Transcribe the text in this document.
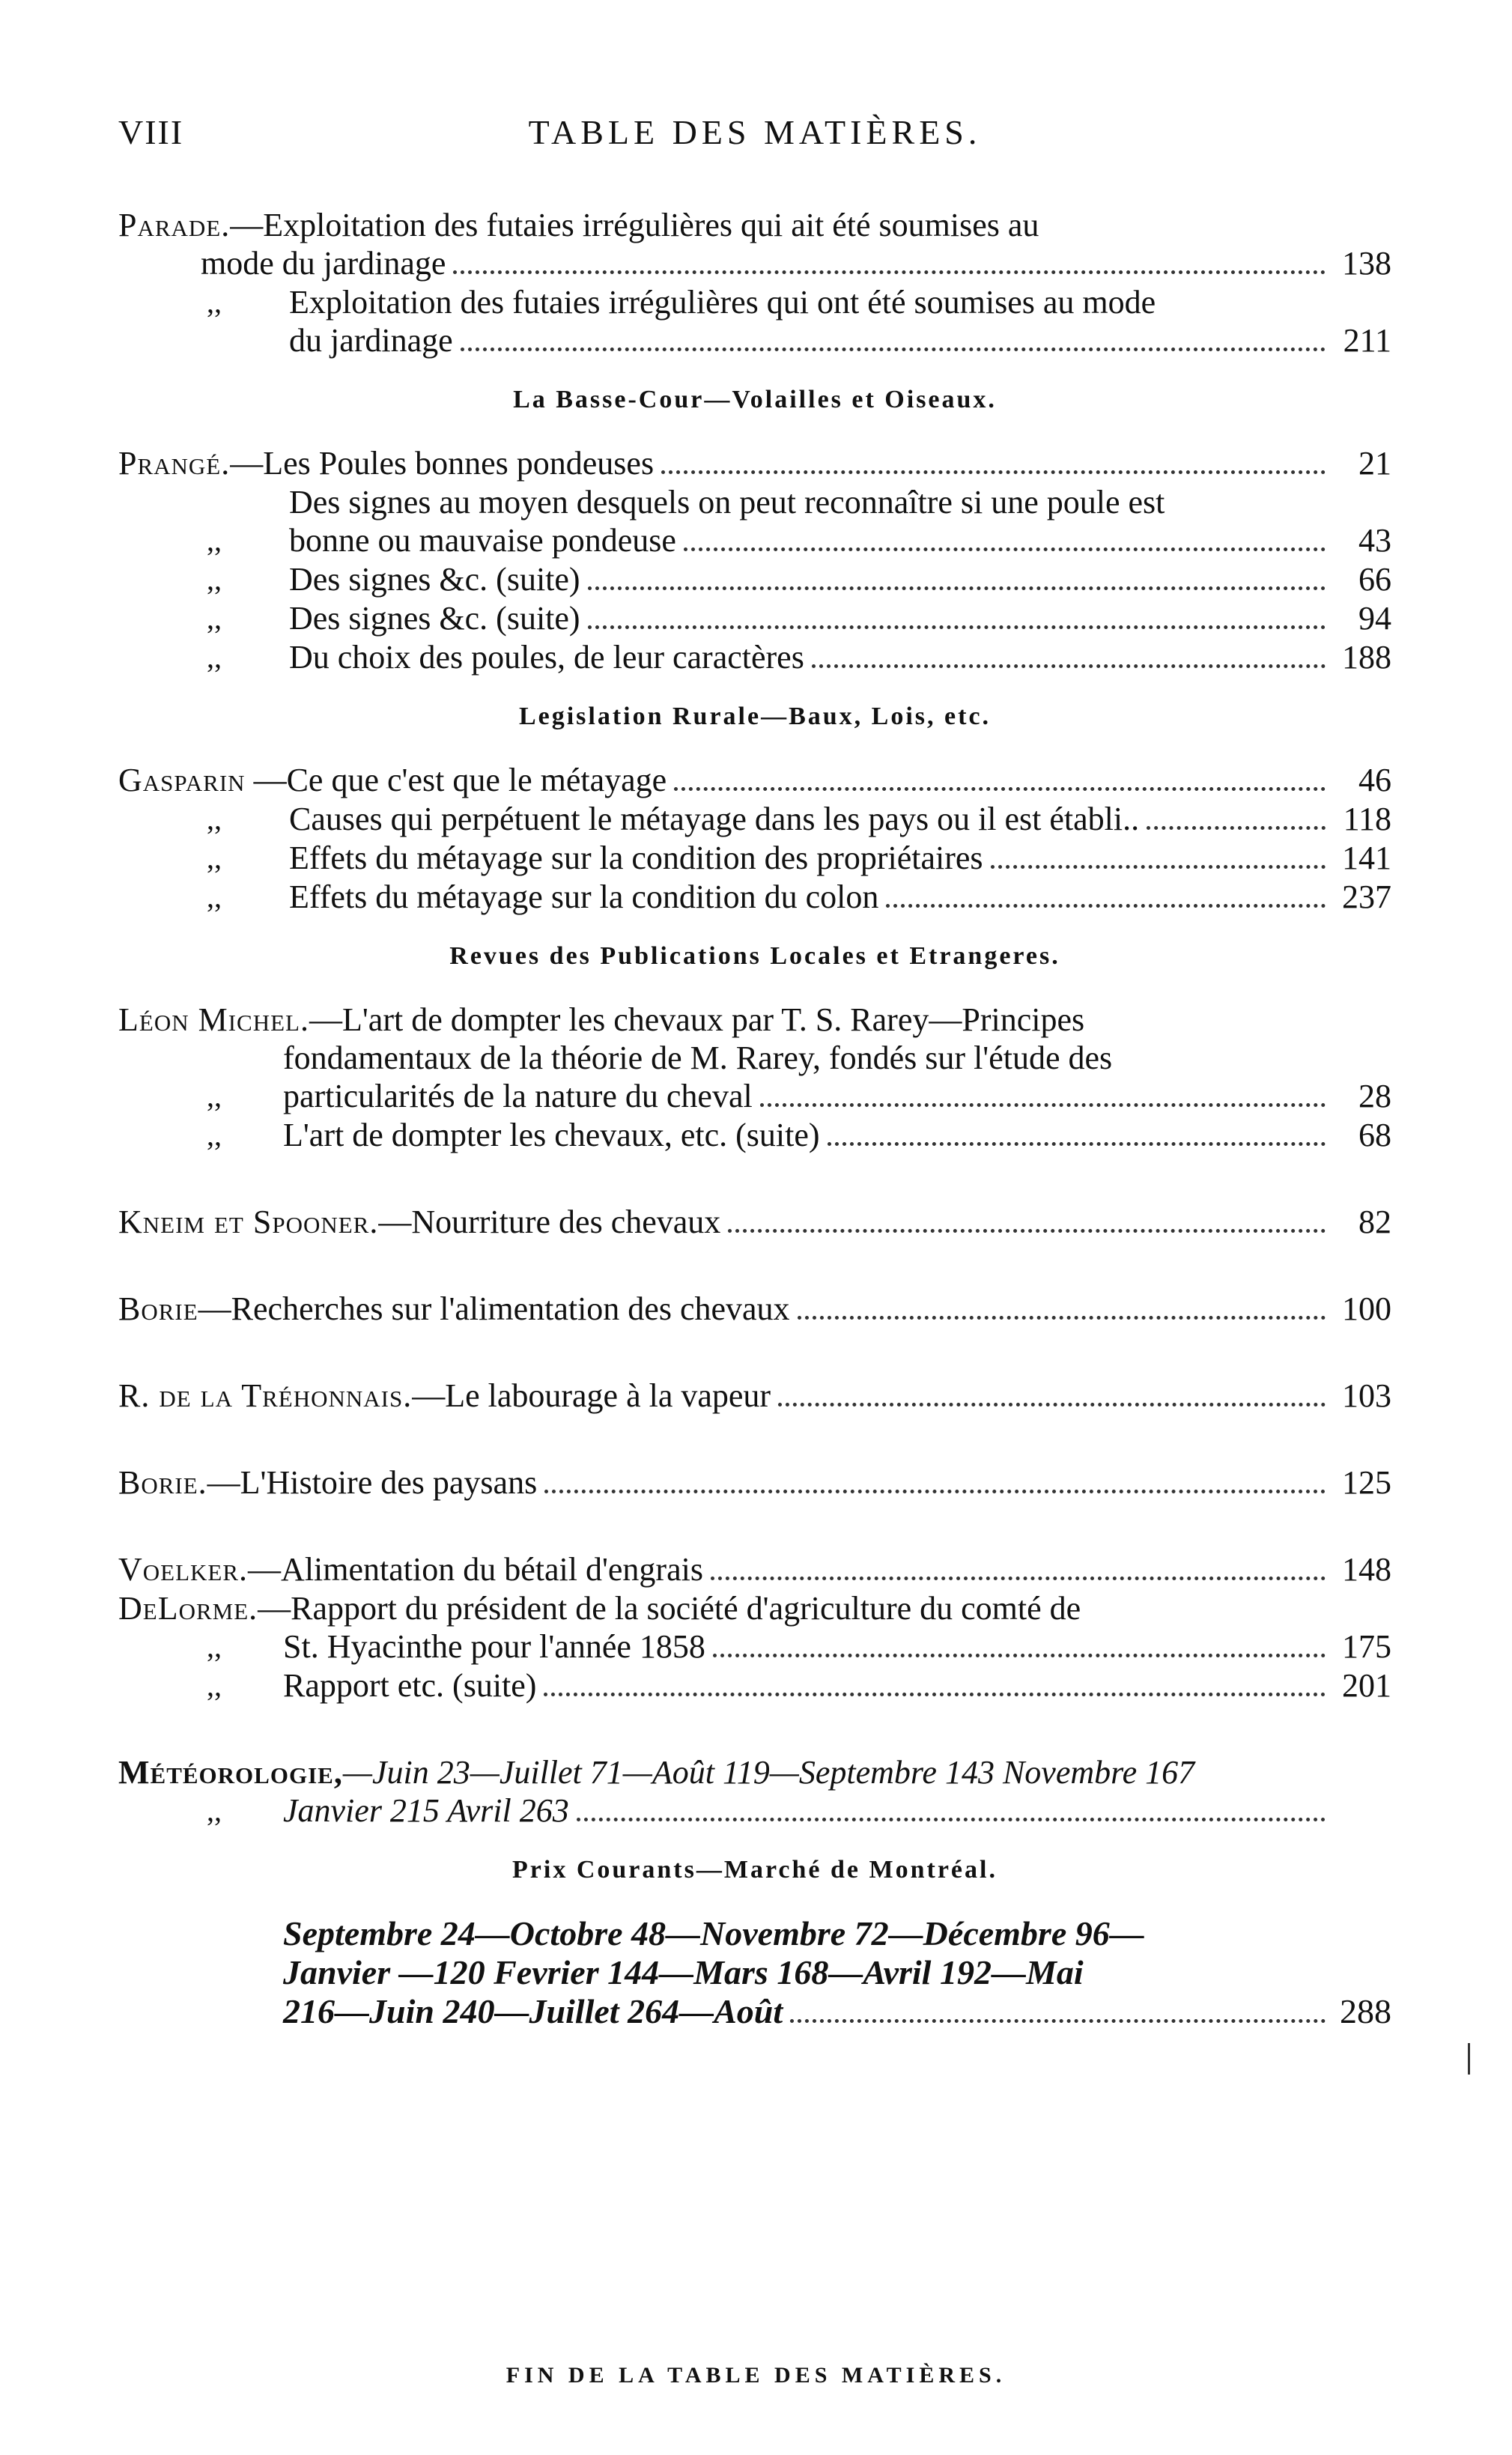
VIII	TABLE DES MATIÈRES.
Parade.—Exploitation des futaies irrégulières qui ait été soumises au
mode du jardinage	138
,, Exploitation des futaies irrégulières qui ont été soumises au mode
du jardinage	211
La Basse-Cour—Volailles et Oiseaux.
Prangé.—Les Poules bonnes pondeuses	21
Des signes au moyen desquels on peut reconnaître si une poule est
,, bonne ou mauvaise pondeuse	43
,, Des signes &c. (suite)	66
,, Des signes &c. (suite)	94
,, Du choix des poules, de leur caractères	188
Legislation Rurale—Baux, Lois, etc.
Gasparin —Ce que c'est que le métayage	46
,, Causes qui perpétuent le métayage dans les pays ou il est établi..	118
,, Effets du métayage sur la condition des propriétaires	141
,, Effets du métayage sur la condition du colon	237
Revues des Publications Locales et Etrangeres.
Léon Michel.—L'art de dompter les chevaux par T. S. Rarey—Principes
fondamentaux de la théorie de M. Rarey, fondés sur l'étude des
,, particularités de la nature du cheval	28
,, L'art de dompter les chevaux, etc. (suite)	68
Kneim et Spooner.—Nourriture des chevaux	82
Borie—Recherches sur l'alimentation des chevaux	100
R. de la Tréhonnais.—Le labourage à la vapeur	103
Borie.—L'Histoire des paysans	125
Voelker.—Alimentation du bétail d'engrais	148
DeLorme.—Rapport du président de la société d'agriculture du comté de
,, St. Hyacinthe pour l'année 1858	175
,, Rapport etc. (suite)	201
Météorologie,—Juin 23—Juillet 71—Août 119—Septembre 143 Novembre 167
,, Janvier 215 Avril 263
Prix Courants—Marché de Montréal.
Septembre 24—Octobre 48—Novembre 72—Décembre 96—
Janvier —120 Fevrier 144—Mars 168—Avril 192—Mai
216—Juin 240—Juillet 264—Août	288
FIN DE LA TABLE DES MATIÈRES.
